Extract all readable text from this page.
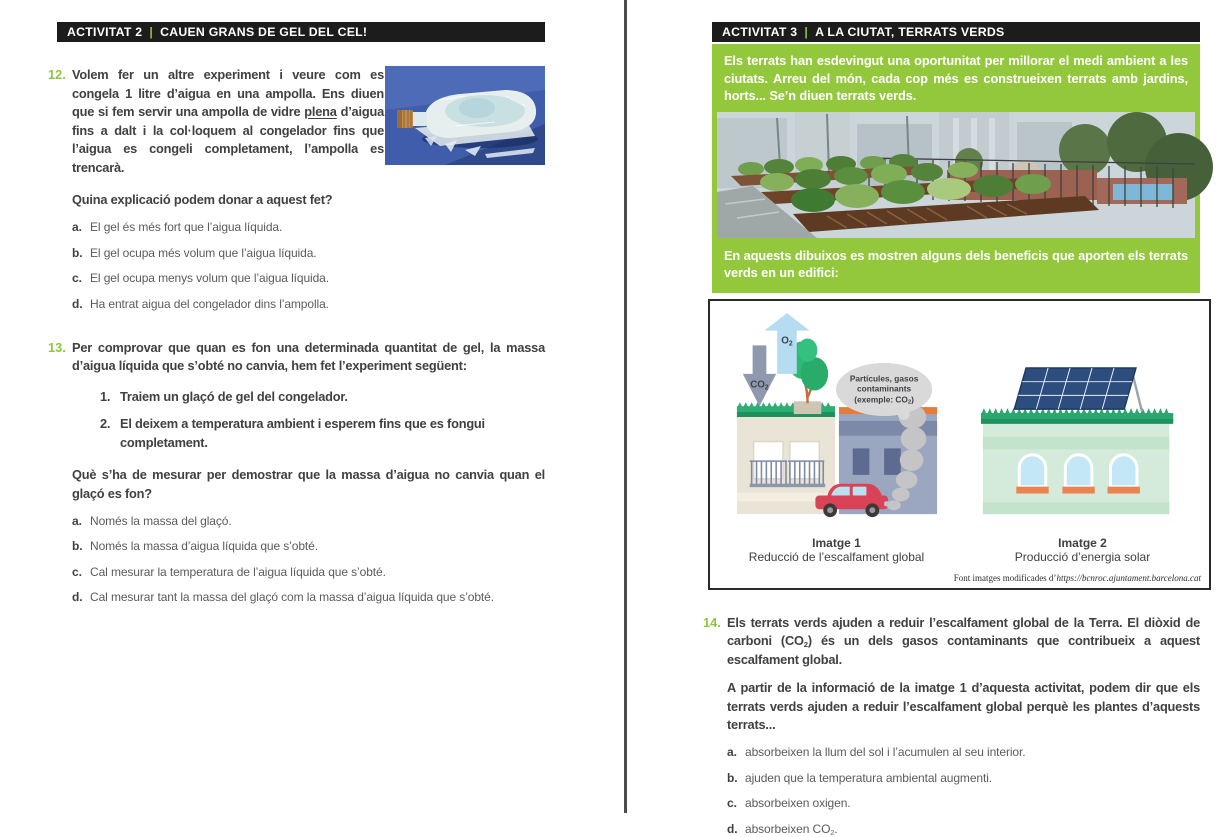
ACTIVITAT 2 | CAUEN GRANS DE GEL DEL CEL!
12. Volem fer un altre experiment i veure com es congela 1 litre d’aigua en una ampolla. Ens diuen que si fem servir una ampolla de vidre plena d’aigua fins a dalt i la col·loquem al congelador fins que l’aigua es congeli completament, l’ampolla es trencarà.

Quina explicació podem donar a aquest fet?

a. El gel és més fort que l’aigua líquida.
b. El gel ocupa més volum que l’aigua líquida.
c. El gel ocupa menys volum que l’aigua líquida.
d. Ha entrat aigua del congelador dins l’ampolla.
13. Per comprovar que quan es fon una determinada quantitat de gel, la massa d’aigua líquida que s’obté no canvia, hem fet l’experiment següent:

1. Traiem un glaçó de gel del congelador.
2. El deixem a temperatura ambient i esperem fins que es fongui completament.

Què s’ha de mesurar per demostrar que la massa d’aigua no canvia quan el glaçó es fon?

a. Només la massa del glaçó.
b. Només la massa d’aigua líquida que s’obté.
c. Cal mesurar la temperatura de l’aigua líquida que s’obté.
d. Cal mesurar tant la massa del glaçó com la massa d’aigua líquida que s’obté.
ACTIVITAT 3 | A LA CIUTAT, TERRATS VERDS

Els terrats han esdevingut una oportunitat per millorar el medi ambient a les ciutats. Arreu del món, cada cop més es construeixen terrats amb jardins, horts... Se’n diuen terrats verds.

En aquests dibuixos es mostren alguns dels beneficis que aporten els terrats verds en un edifici:

$CO_2$
$O_2$
Partícules, gasos
contaminants
(exemple: CO2)
Imatge 1
Reducció de l’escalfament global
Imatge 2
Producció d’energia solar
Font imatges modificades d’https://bcnroc.ajuntament.barcelona.cat
14. Els terrats verds ajuden a reduir l’escalfament global de la Terra. El diòxid de carboni $(CO_2)$ és un dels gasos contaminants que contribueix a aquest escalfament global.

A partir de la informació de la imatge 1 d’aquesta activitat, podem dir que els terrats verds ajuden a reduir l’escalfament global perquè les plantes d’aquests terrats...

a. absorbeixen la llum del sol i l’acumulen al seu interior.
b. ajuden que la temperatura ambiental augmenti.
c. absorbeixen oxigen.
d. absorbeixen $CO_2$.
